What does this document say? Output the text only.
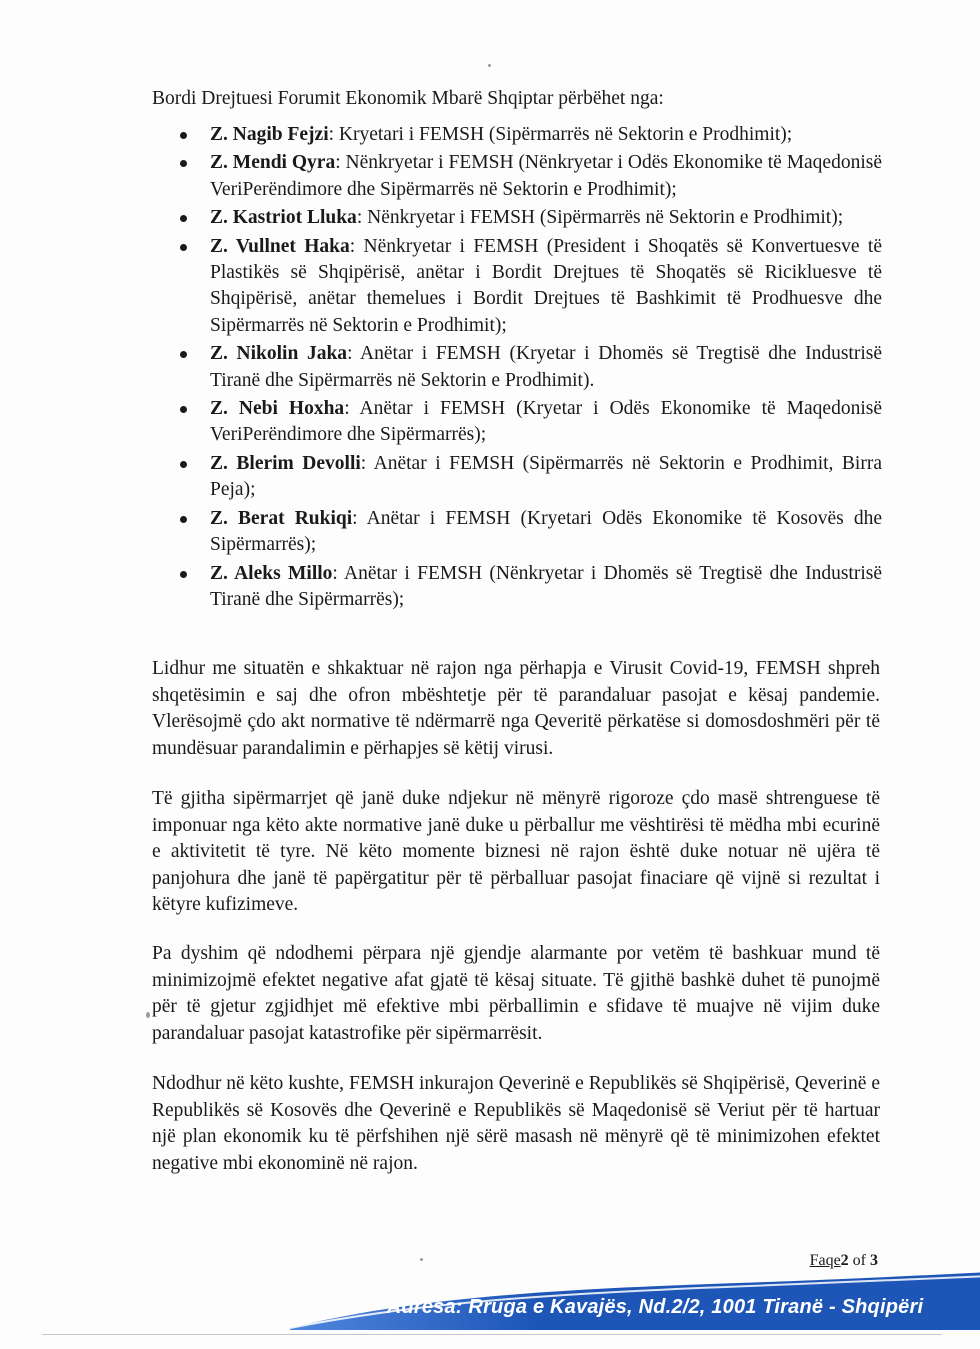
Bordi Drejtuesi Forumit Ekonomik Mbarë Shqiptar përbëhet nga:

Z. Nagib Fejzi: Kryetari i FEMSH (Sipërmarrës në Sektorin e Prodhimit);
Z. Mendi Qyra: Nënkryetar i FEMSH (Nënkryetar i Odës Ekonomike të Maqedonisë VeriPerëndimore dhe Sipërmarrës në Sektorin e Prodhimit);
Z. Kastriot Lluka: Nënkryetar i FEMSH (Sipërmarrës në Sektorin e Prodhimit);
Z. Vullnet Haka: Nënkryetar i FEMSH (President i Shoqatës së Konvertuesve të Plastikës së Shqipërisë, anëtar i Bordit Drejtues të Shoqatës së Ricikluesve të Shqipërisë, anëtar themelues i Bordit Drejtues të Bashkimit të Prodhuesve dhe Sipërmarrës në Sektorin e Prodhimit);
Z. Nikolin Jaka: Anëtar i FEMSH (Kryetar i Dhomës së Tregtisë dhe Industrisë Tiranë dhe Sipërmarrës në Sektorin e Prodhimit).
Z. Nebi Hoxha: Anëtar i FEMSH (Kryetar i Odës Ekonomike të Maqedonisë VeriPerëndimore dhe Sipërmarrës);
Z. Blerim Devolli: Anëtar i FEMSH (Sipërmarrës në Sektorin e Prodhimit, Birra Peja);
Z. Berat Rukiqi: Anëtar i FEMSH (Kryetari Odës Ekonomike të Kosovës dhe Sipërmarrës);
Z. Aleks Millo: Anëtar i FEMSH (Nënkryetar i Dhomës së Tregtisë dhe Industrisë Tiranë dhe Sipërmarrës);

Lidhur me situatën e shkaktuar në rajon nga përhapja e Virusit Covid-19, FEMSH shpreh shqetësimin e saj dhe ofron mbështetje për të parandaluar pasojat e kësaj pandemie. Vlerësojmë çdo akt normative të ndërmarrë nga Qeveritë përkatëse si domosdoshmëri për të mundësuar parandalimin e përhapjes së këtij virusi.

Të gjitha sipërmarrjet që janë duke ndjekur në mënyrë rigoroze çdo masë shtrenguese të imponuar nga këto akte normative janë duke u përballur me vështirësi të mëdha mbi ecurinë e aktivitetit të tyre. Në këto momente biznesi në rajon është duke notuar në ujëra të panjohura dhe janë të papërgatitur për të përballuar pasojat finaciare që vijnë si rezultat i këtyre kufizimeve.

Pa dyshim që ndodhemi përpara një gjendje alarmante por vetëm të bashkuar mund të minimizojmë efektet negative afat gjatë të kësaj situate. Të gjithë bashkë duhet të punojmë për të gjetur zgjidhjet më efektive mbi përballimin e sfidave të muajve në vijim duke parandaluar pasojat katastrofike për sipërmarrësit.

Ndodhur në këto kushte, FEMSH inkurajon Qeverinë e Republikës së Shqipërisë, Qeverinë e Republikës së Kosovës dhe Qeverinë e Republikës së Maqedonisë së Veriut për të hartuar një plan ekonomik ku të përfshihen një sërë masash në mënyrë që të minimizohen efektet negative mbi ekonominë në rajon.

Faqe2 of 3
Adresa: Rruga e Kavajës, Nd.2/2, 1001 Tiranë - Shqipëri
